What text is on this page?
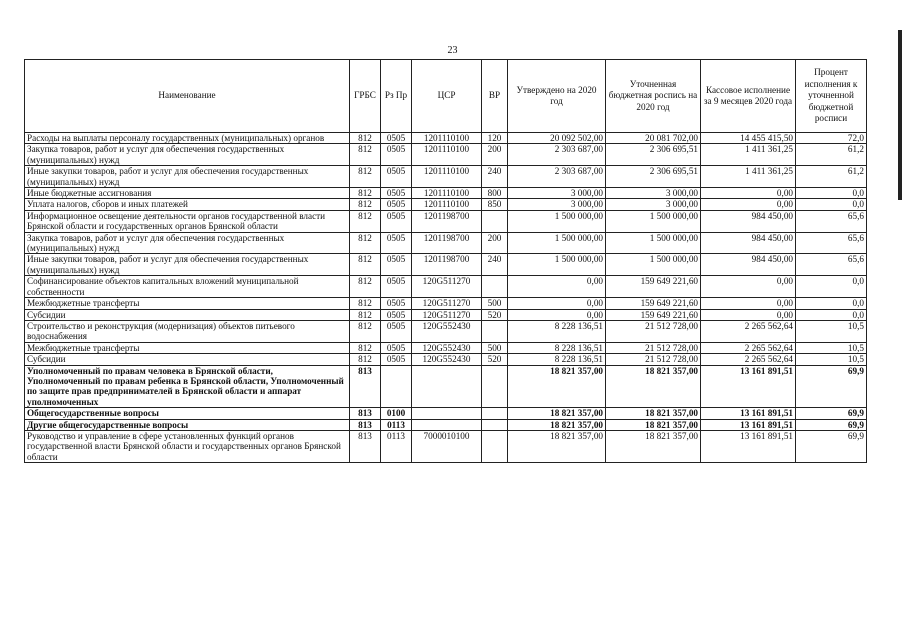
23
Наименование	ГРБС	Рз Пр	ЦСР	ВР	Утверждено на 2020 год	Уточненная бюджетная роспись на 2020 год	Кассовое исполнение за 9 месяцев 2020 года	Процент исполнения к уточненной бюджетной росписи
Расходы на выплаты персоналу государственных (муниципальных) органов	812	0505	1201110100	120	20 092 502,00	20 081 702,00	14 455 415,50	72,0
Закупка товаров, работ и услуг для обеспечения государственных (муниципальных) нужд	812	0505	1201110100	200	2 303 687,00	2 306 695,51	1 411 361,25	61,2
Иные закупки товаров, работ и услуг для обеспечения государственных (муниципальных) нужд	812	0505	1201110100	240	2 303 687,00	2 306 695,51	1 411 361,25	61,2
Иные бюджетные ассигнования	812	0505	1201110100	800	3 000,00	3 000,00	0,00	0,0
Уплата налогов, сборов и иных платежей	812	0505	1201110100	850	3 000,00	3 000,00	0,00	0,0
Информационное освещение деятельности органов государственной власти Брянской области и государственных органов Брянской области	812	0505	1201198700		1 500 000,00	1 500 000,00	984 450,00	65,6
Закупка товаров, работ и услуг для обеспечения государственных (муниципальных) нужд	812	0505	1201198700	200	1 500 000,00	1 500 000,00	984 450,00	65,6
Иные закупки товаров, работ и услуг для обеспечения государственных (муниципальных) нужд	812	0505	1201198700	240	1 500 000,00	1 500 000,00	984 450,00	65,6
Софинансирование объектов капитальных вложений муниципальной собственности	812	0505	120G511270		0,00	159 649 221,60	0,00	0,0
Межбюджетные трансферты	812	0505	120G511270	500	0,00	159 649 221,60	0,00	0,0
Субсидии	812	0505	120G511270	520	0,00	159 649 221,60	0,00	0,0
Строительство и реконструкция (модернизация) объектов питьевого водоснабжения	812	0505	120G552430		8 228 136,51	21 512 728,00	2 265 562,64	10,5
Межбюджетные трансферты	812	0505	120G552430	500	8 228 136,51	21 512 728,00	2 265 562,64	10,5
Субсидии	812	0505	120G552430	520	8 228 136,51	21 512 728,00	2 265 562,64	10,5
Уполномоченный по правам человека в Брянской области, Уполномоченный по правам ребенка в Брянской области, Уполномоченный по защите прав предпринимателей в Брянской области и аппарат уполномоченных	813				18 821 357,00	18 821 357,00	13 161 891,51	69,9
Общегосударственные вопросы	813	0100			18 821 357,00	18 821 357,00	13 161 891,51	69,9
Другие общегосударственные вопросы	813	0113			18 821 357,00	18 821 357,00	13 161 891,51	69,9
Руководство и управление в сфере установленных функций органов государственной власти Брянской области и государственных органов Брянской области	813	0113	7000010100		18 821 357,00	18 821 357,00	13 161 891,51	69,9
